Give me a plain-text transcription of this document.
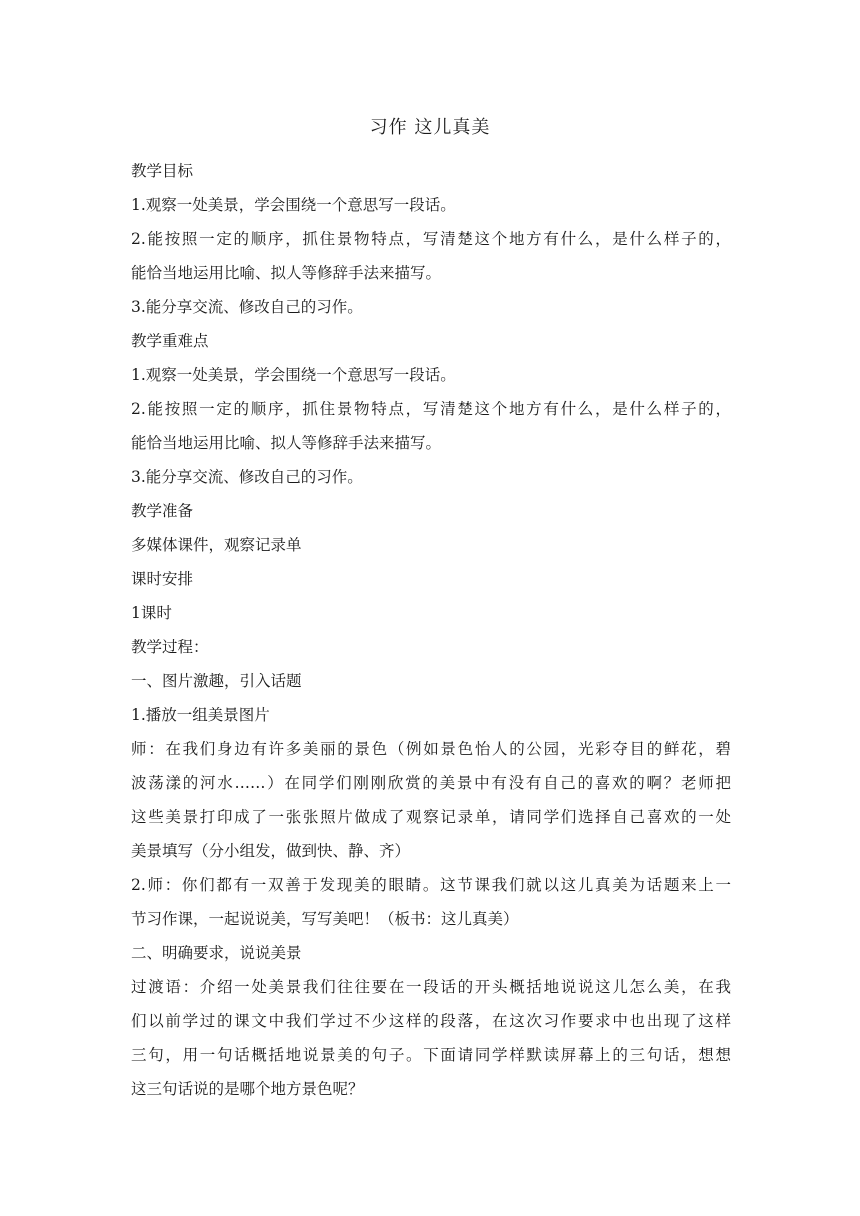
习作 这儿真美
教学目标
1.观察一处美景，学会围绕一个意思写一段话。
2.能按照一定的顺序，抓住景物特点，写清楚这个地方有什么，是什么样子的，
能恰当地运用比喻、拟人等修辞手法来描写。
3.能分享交流、修改自己的习作。
教学重难点
1.观察一处美景，学会围绕一个意思写一段话。
2.能按照一定的顺序，抓住景物特点，写清楚这个地方有什么，是什么样子的，
能恰当地运用比喻、拟人等修辞手法来描写。
3.能分享交流、修改自己的习作。
教学准备
多媒体课件，观察记录单
课时安排
1课时
教学过程：
一、图片激趣，引入话题
1.播放一组美景图片
师：在我们身边有许多美丽的景色（例如景色怡人的公园，光彩夺目的鲜花，碧
波荡漾的河水……）在同学们刚刚欣赏的美景中有没有自己的喜欢的啊？老师把
这些美景打印成了一张张照片做成了观察记录单，请同学们选择自己喜欢的一处
美景填写（分小组发，做到快、静、齐）
2.师：你们都有一双善于发现美的眼睛。这节课我们就以这儿真美为话题来上一
节习作课，一起说说美，写写美吧！（板书：这儿真美）
二、明确要求，说说美景
过渡语：介绍一处美景我们往往要在一段话的开头概括地说说这儿怎么美，在我
们以前学过的课文中我们学过不少这样的段落，在这次习作要求中也出现了这样
三句，用一句话概括地说景美的句子。下面请同学样默读屏幕上的三句话，想想
这三句话说的是哪个地方景色呢？
